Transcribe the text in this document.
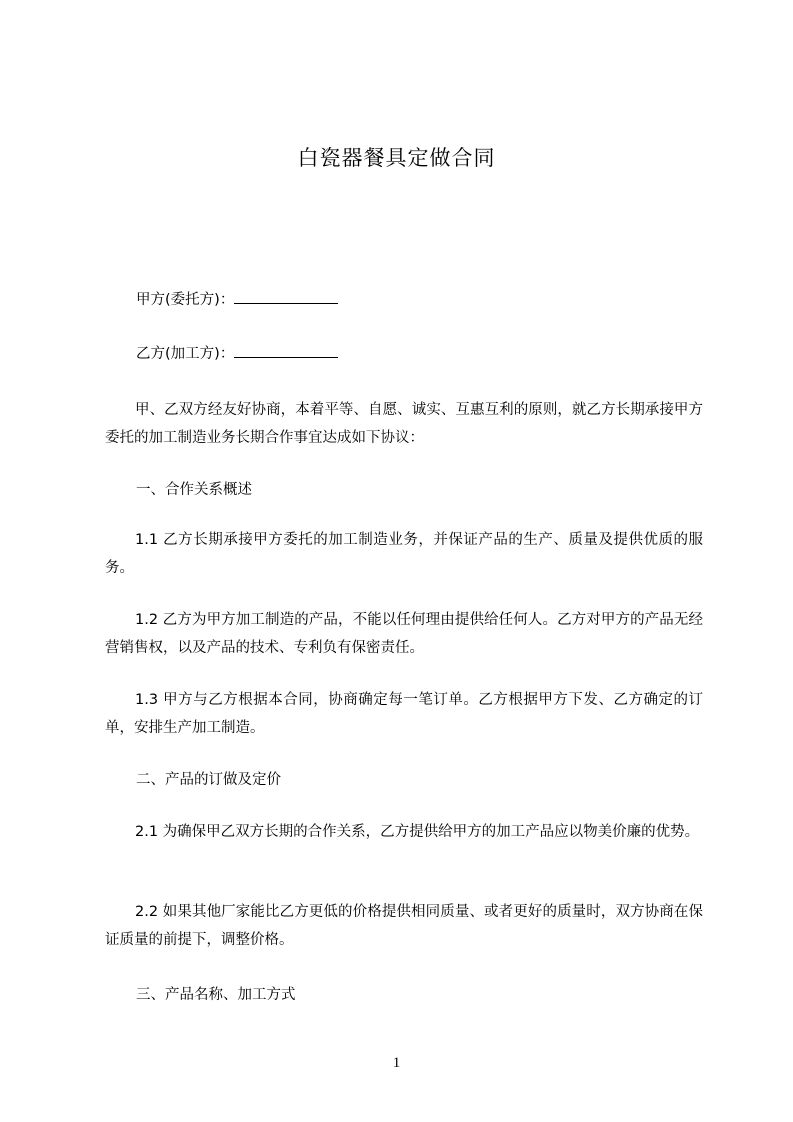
白瓷器餐具定做合同
甲方(委托方)：
乙方(加工方)：
甲、乙双方经友好协商，本着平等、自愿、诚实、互惠互利的原则，就乙方长期承接甲方委托的加工制造业务长期合作事宜达成如下协议：
一、合作关系概述
1.1 乙方长期承接甲方委托的加工制造业务，并保证产品的生产、质量及提供优质的服务。
1.2 乙方为甲方加工制造的产品，不能以任何理由提供给任何人。乙方对甲方的产品无经营销售权，以及产品的技术、专利负有保密责任。
1.3 甲方与乙方根据本合同，协商确定每一笔订单。乙方根据甲方下发、乙方确定的订单，安排生产加工制造。
二、产品的订做及定价
2.1 为确保甲乙双方长期的合作关系，乙方提供给甲方的加工产品应以物美价廉的优势。
2.2 如果其他厂家能比乙方更低的价格提供相同质量、或者更好的质量时，双方协商在保证质量的前提下，调整价格。
三、产品名称、加工方式
1
